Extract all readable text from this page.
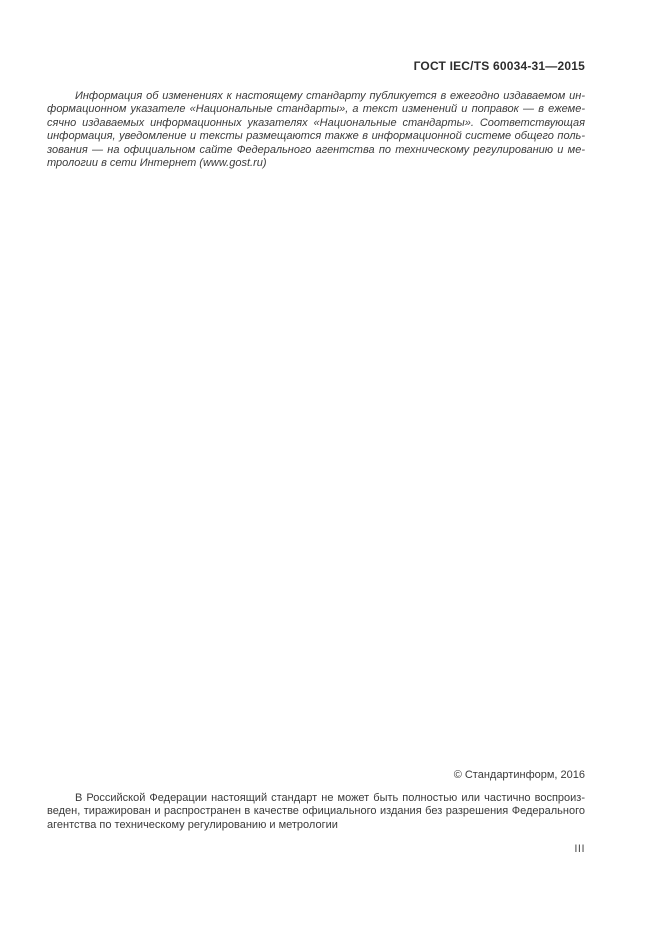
ГОСТ IEC/TS 60034-31—2015
Информация об изменениях к настоящему стандарту публикуется в ежегодно издаваемом ин-
формационном указателе «Национальные стандарты», а текст изменений и поправок — в ежеме-
сячно издаваемых информационных указателях «Национальные стандарты». Соответствующая
информация, уведомление и тексты размещаются также в информационной системе общего поль-
зования — на официальном сайте Федерального агентства по техническому регулированию и ме-
трологии в сети Интернет (www.gost.ru)
© Стандартинформ, 2016
В Российской Федерации настоящий стандарт не может быть полностью или частично воспроиз-
веден, тиражирован и распространен в качестве официального издания без разрешения Федерального
агентства по техническому регулированию и метрологии
III
